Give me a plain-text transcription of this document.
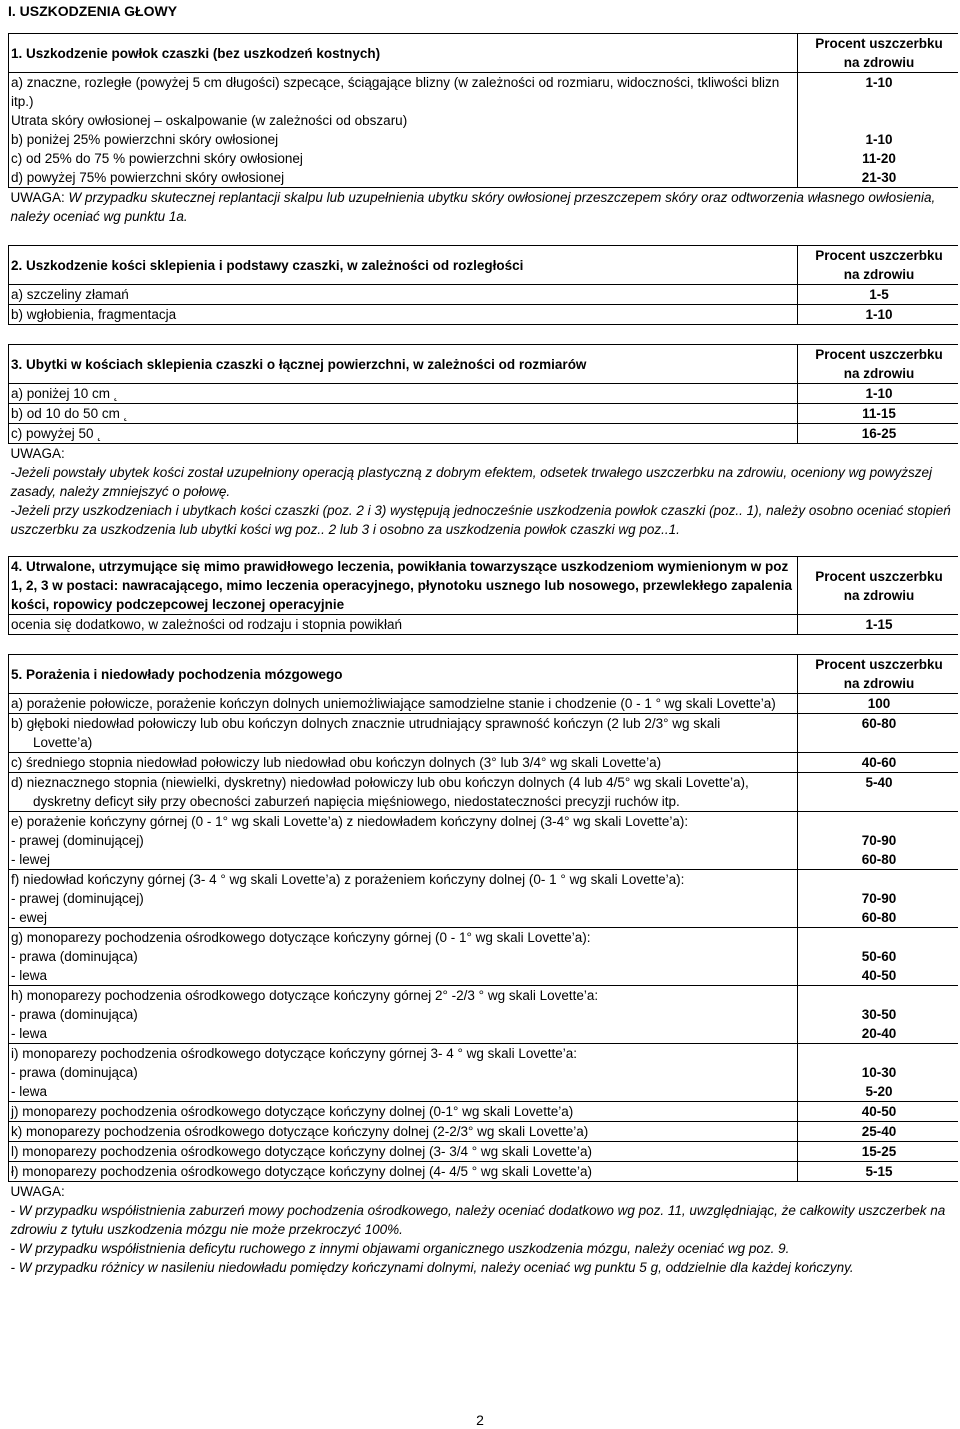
I. USZKODZENIA GŁOWY
1. Uszkodzenie powłok czaszki (bez uszkodzeń kostnych)	Procent uszczerbku
na zdrowiu
a) znaczne, rozległe (powyżej 5 cm długości) szpecące, ściągające blizny (w zależności od rozmiaru, widoczności, tkliwości blizn
itp.)	1-10
Utrata skóry owłosionej – oskalpowanie (w zależności od obszaru)	
b) poniżej 25% powierzchni skóry owłosionej	1-10
c) od 25% do 75 % powierzchni skóry owłosionej	11-20
d) powyżej 75% powierzchni skóry owłosionej	21-30
UWAGA: W przypadku skutecznej replantacji skalpu lub uzupełnienia ubytku skóry owłosionej przeszczepem skóry oraz odtworzenia własnego owłosienia, należy oceniać wg punktu 1a.	
2. Uszkodzenie kości sklepienia i podstawy czaszki, w zależności od rozległości	Procent uszczerbku
na zdrowiu
a) szczeliny złamań	1-5
b) wgłobienia, fragmentacja	1-10
3. Ubytki w kościach sklepienia czaszki o łącznej powierzchni, w zależności od rozmiarów	Procent uszczerbku
na zdrowiu
a) poniżej 10 cm ˛	1-10
b) od 10 do 50 cm ˛	11-15
c) powyżej 50 ˛	16-25
UWAGA:	
-Jeżeli powstały ubytek kości został uzupełniony operacją plastyczną z dobrym efektem, odsetek trwałego uszczerbku na zdrowiu, oceniony wg powyższej zasady, należy zmniejszyć o połowę.	
-Jeżeli przy uszkodzeniach i ubytkach kości czaszki (poz. 2 i 3) występują jednocześnie uszkodzenia powłok czaszki (poz.. 1), należy osobno oceniać stopień uszczerbku za uszkodzenia lub ubytki kości wg poz.. 2 lub 3 i osobno za uszkodzenia powłok czaszki wg poz..1.	
4. Utrwalone, utrzymujące się mimo prawidłowego leczenia, powikłania towarzyszące uszkodzeniom wymienionym w poz
1, 2, 3 w postaci: nawracającego, mimo leczenia operacyjnego, płynotoku usznego lub nosowego, przewlekłego zapalenia
kości, ropowicy podczepcowej leczonej operacyjnie	Procent uszczerbku
na zdrowiu
ocenia się dodatkowo, w zależności od rodzaju i stopnia powikłań	1-15
5. Porażenia i niedowłady pochodzenia mózgowego	Procent uszczerbku
na zdrowiu
a) porażenie połowicze, porażenie kończyn dolnych uniemożliwiające samodzielne stanie i chodzenie (0 - 1 ° wg skali Lovette’a)	100
b) głęboki niedowład połowiczy lub obu kończyn dolnych znacznie utrudniający sprawność kończyn (2 lub 2/3° wg skali
Lovette’a)	60-80
c) średniego stopnia niedowład połowiczy lub niedowład obu kończyn dolnych (3° lub 3/4° wg skali Lovette’a)	40-60
d) nieznacznego stopnia (niewielki, dyskretny) niedowład połowiczy lub obu kończyn dolnych (4 lub 4/5° wg skali Lovette’a),
dyskretny deficyt siły przy obecności zaburzeń napięcia mięśniowego, niedostateczności precyzji ruchów itp.	5-40
e) porażenie kończyny górnej (0 - 1° wg skali Lovette’a) z niedowładem kończyny dolnej (3-4° wg skali Lovette’a):	
- prawej (dominującej)	70-90
- lewej	60-80
f) niedowład kończyny górnej (3- 4 ° wg skali Lovette’a) z porażeniem kończyny dolnej (0- 1 ° wg skali Lovette’a):	
- prawej (dominującej)	70-90
- ewej	60-80
g) monoparezy pochodzenia ośrodkowego dotyczące kończyny górnej (0 - 1° wg skali Lovette’a):	
- prawa (dominująca)	50-60
- lewa	40-50
h) monoparezy pochodzenia ośrodkowego dotyczące kończyny górnej 2° -2/3 ° wg skali Lovette’a:	
- prawa (dominująca)	30-50
- lewa	20-40
i) monoparezy pochodzenia ośrodkowego dotyczące kończyny górnej 3- 4 ° wg skali Lovette’a:	
- prawa (dominująca)	10-30
- lewa	5-20
j) monoparezy pochodzenia ośrodkowego dotyczące kończyny dolnej (0-1° wg skali Lovette’a)	40-50
k) monoparezy pochodzenia ośrodkowego dotyczące kończyny dolnej (2-2/3° wg skali Lovette’a)	25-40
l) monoparezy pochodzenia ośrodkowego dotyczące kończyny dolnej (3- 3/4 ° wg skali Lovette’a)	15-25
ł) monoparezy pochodzenia ośrodkowego dotyczące kończyny dolnej (4- 4/5 ° wg skali Lovette’a)	5-15
UWAGA:	
- W przypadku współistnienia zaburzeń mowy pochodzenia ośrodkowego, należy oceniać dodatkowo wg poz. 11, uwzględniając, że całkowity uszczerbek na zdrowiu z tytułu uszkodzenia mózgu nie może przekroczyć 100%.	
- W przypadku współistnienia deficytu ruchowego z innymi objawami organicznego uszkodzenia mózgu, należy oceniać wg poz. 9.	
- W przypadku różnicy w nasileniu niedowładu pomiędzy kończynami dolnymi, należy oceniać wg punktu 5 g, oddzielnie dla każdej kończyny.	
2
